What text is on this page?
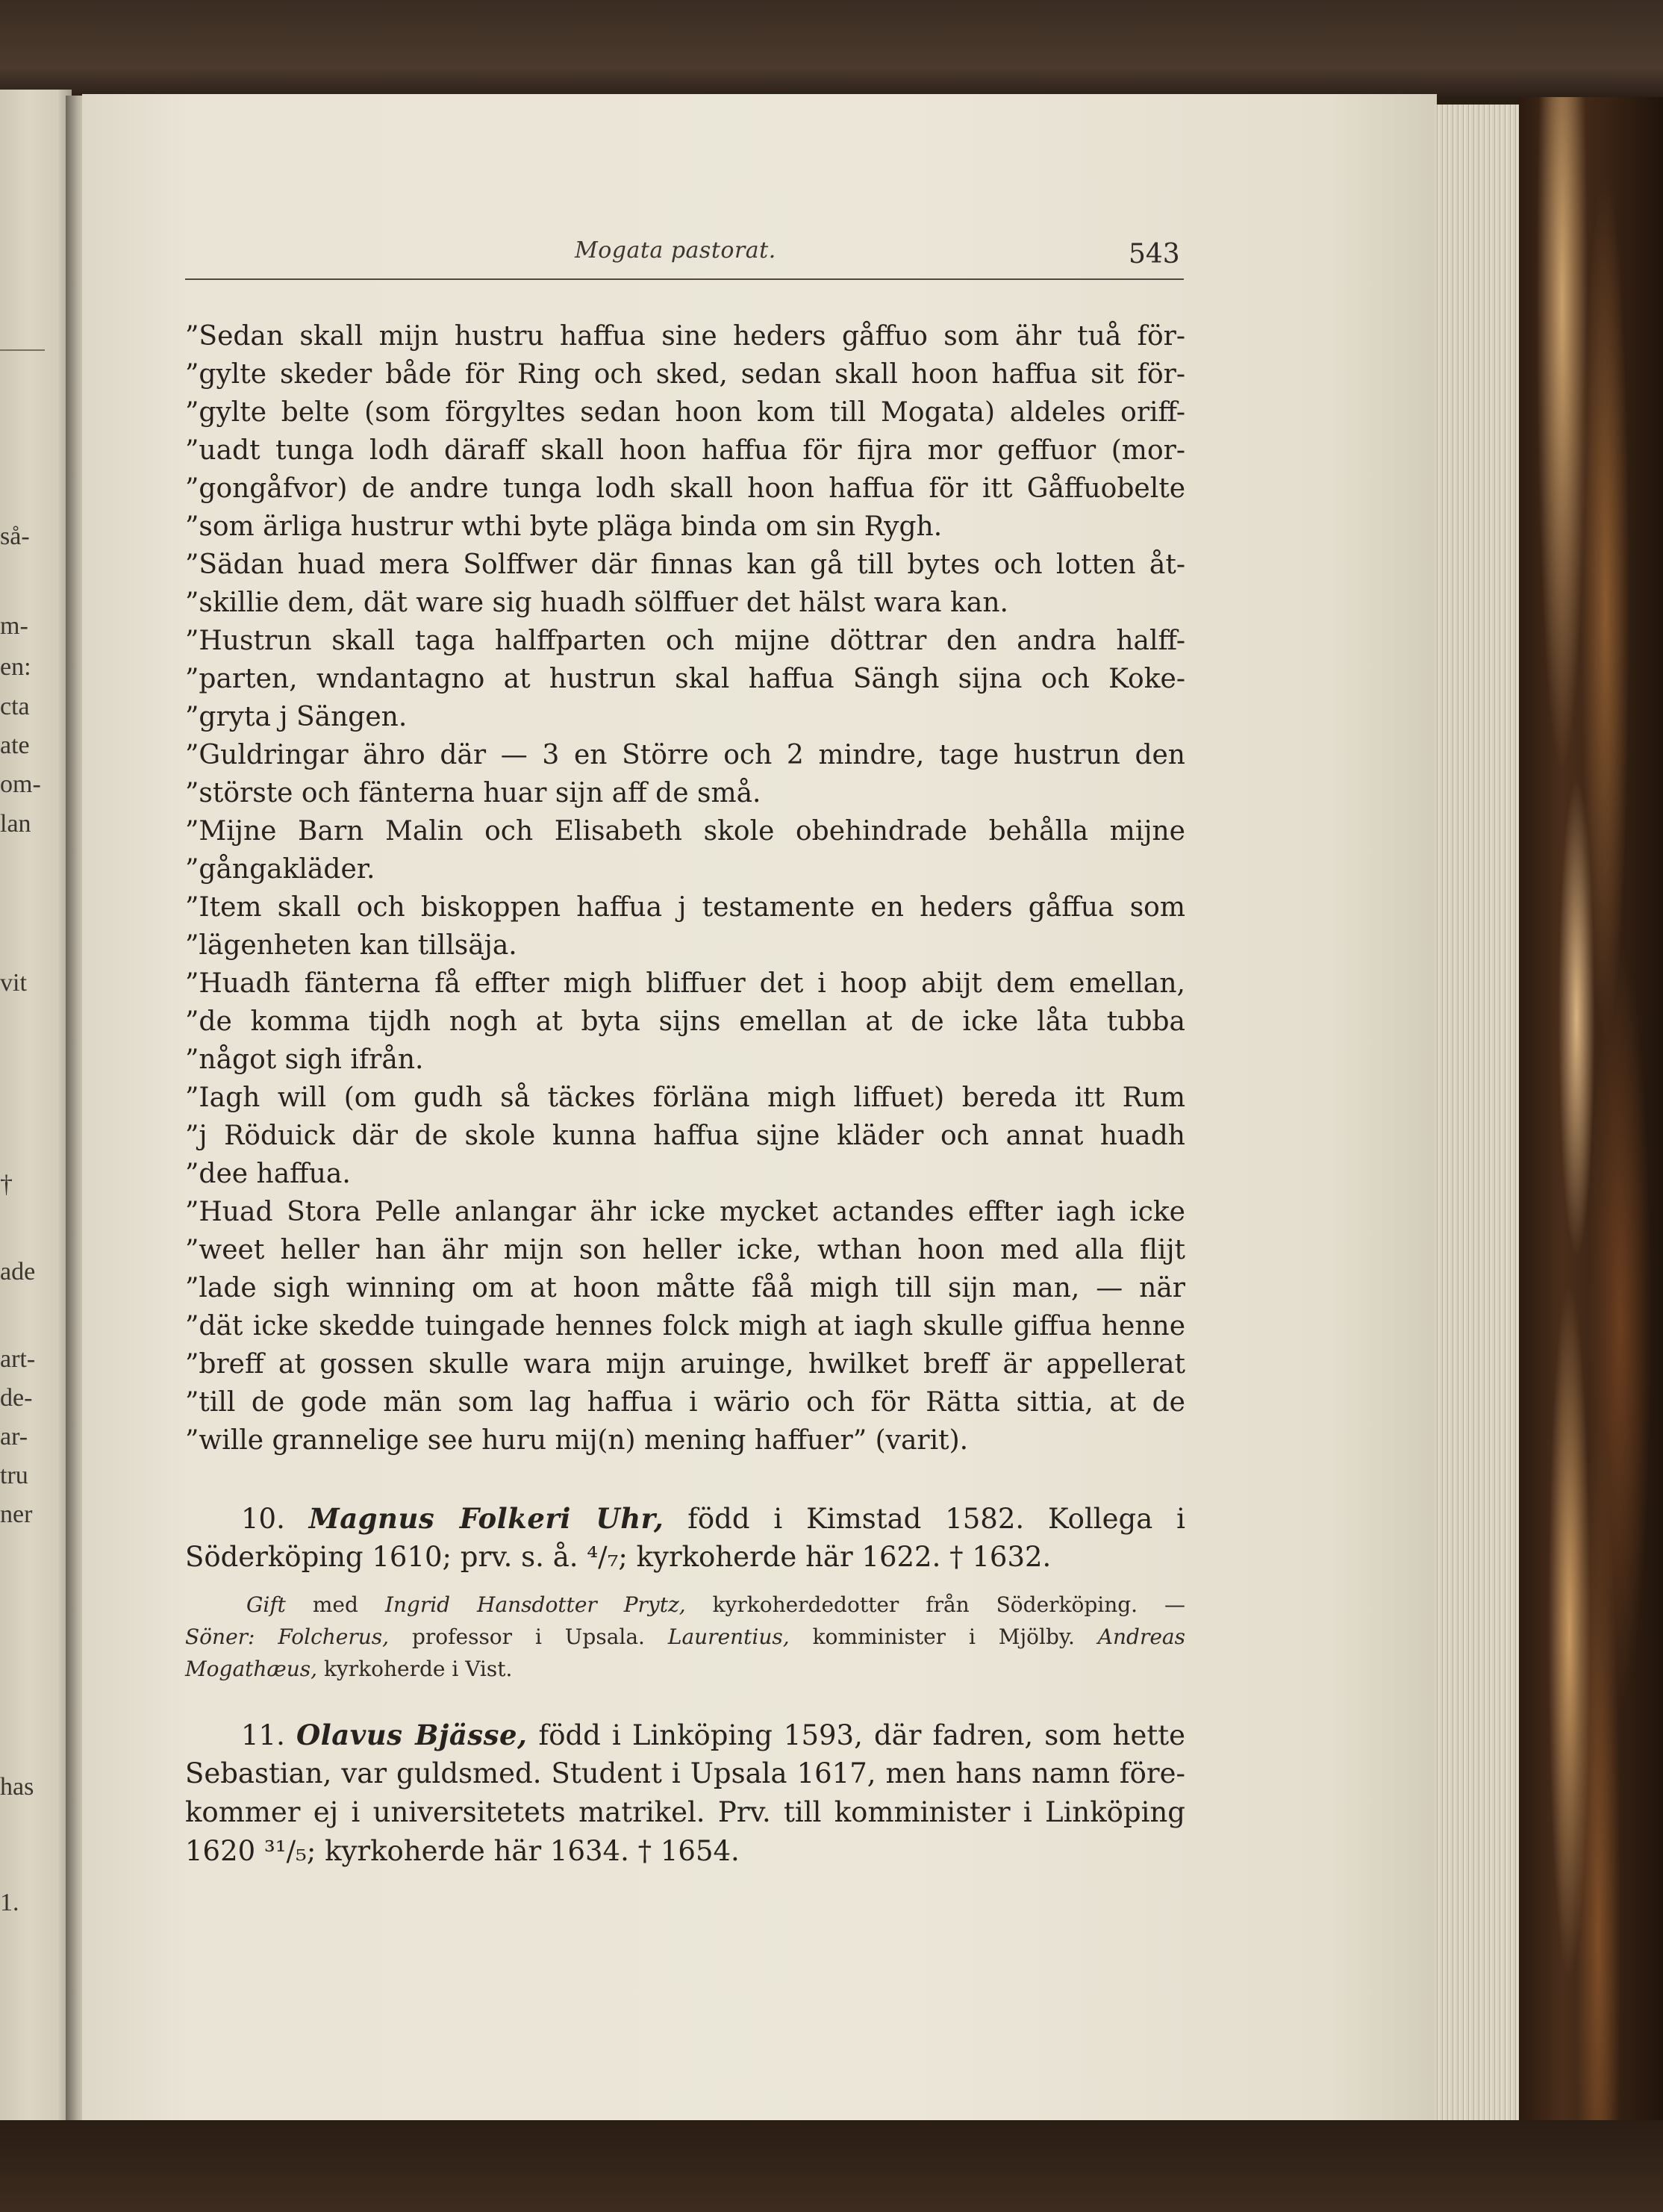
så-
m-
en:
cta
ate
om-
lan
vit
†
ade
art-
de-
ar-
tru
ner
has
1.
Mogata pastorat.	543
”Sedan skall mijn hustru haffua sine heders gåffuo som ähr tuå för-
”gylte skeder både för Ring och sked, sedan skall hoon haffua sit för-
”gylte belte (som förgyltes sedan hoon kom till Mogata) aldeles oriff-
”uadt tunga lodh däraff skall hoon haffua för fijra mor geffuor (mor-
”gongåfvor) de andre tunga lodh skall hoon haffua för itt Gåffuobelte
”som ärliga hustrur wthi byte pläga binda om sin Rygh.
”Sädan huad mera Solffwer där finnas kan gå till bytes och lotten åt-
”skillie dem, dät ware sig huadh sölffuer det hälst wara kan.
”Hustrun skall taga halffparten och mijne döttrar den andra halff-
”parten, wndantagno at hustrun skal haffua Sängh sijna och Koke-
”gryta j Sängen.
”Guldringar ähro där — 3 en Större och 2 mindre, tage hustrun den
”störste och fänterna huar sijn aff de små.
”Mijne Barn Malin och Elisabeth skole obehindrade behålla mijne
”gångakläder.
”Item skall och biskoppen haffua j testamente en heders gåffua som
”lägenheten kan tillsäja.
”Huadh fänterna få effter migh bliffuer det i hoop abijt dem emellan,
”de komma tijdh nogh at byta sijns emellan at de icke låta tubba
”något sigh ifrån.
”Iagh will (om gudh så täckes förläna migh liffuet) bereda itt Rum
”j Röduick där de skole kunna haffua sijne kläder och annat huadh
”dee haffua.
”Huad Stora Pelle anlangar ähr icke mycket actandes effter iagh icke
”weet heller han ähr mijn son heller icke, wthan hoon med alla flijt
”lade sigh winning om at hoon måtte fåå migh till sijn man, — när
”dät icke skedde tuingade hennes folck migh at iagh skulle giffua henne
”breff at gossen skulle wara mijn aruinge, hwilket breff är appellerat
”till de gode män som lag haffua i wärio och för Rätta sittia, at de
”wille grannelige see huru mij(n) mening haffuer” (varit).
10. Magnus Folkeri Uhr, född i Kimstad 1582. Kollega i
Söderköping 1610; prv. s. å. ⁴/₇; kyrkoherde här 1622. † 1632.
Gift med Ingrid Hansdotter Prytz, kyrkoherdedotter från Söderköping. —
Söner: Folcherus, professor i Upsala. Laurentius, komminister i Mjölby. Andreas
Mogathæus, kyrkoherde i Vist.
11. Olavus Bjässe, född i Linköping 1593, där fadren, som hette
Sebastian, var guldsmed. Student i Upsala 1617, men hans namn före-
kommer ej i universitetets matrikel. Prv. till komminister i Linköping
1620 ³¹/₅; kyrkoherde här 1634. † 1654.
